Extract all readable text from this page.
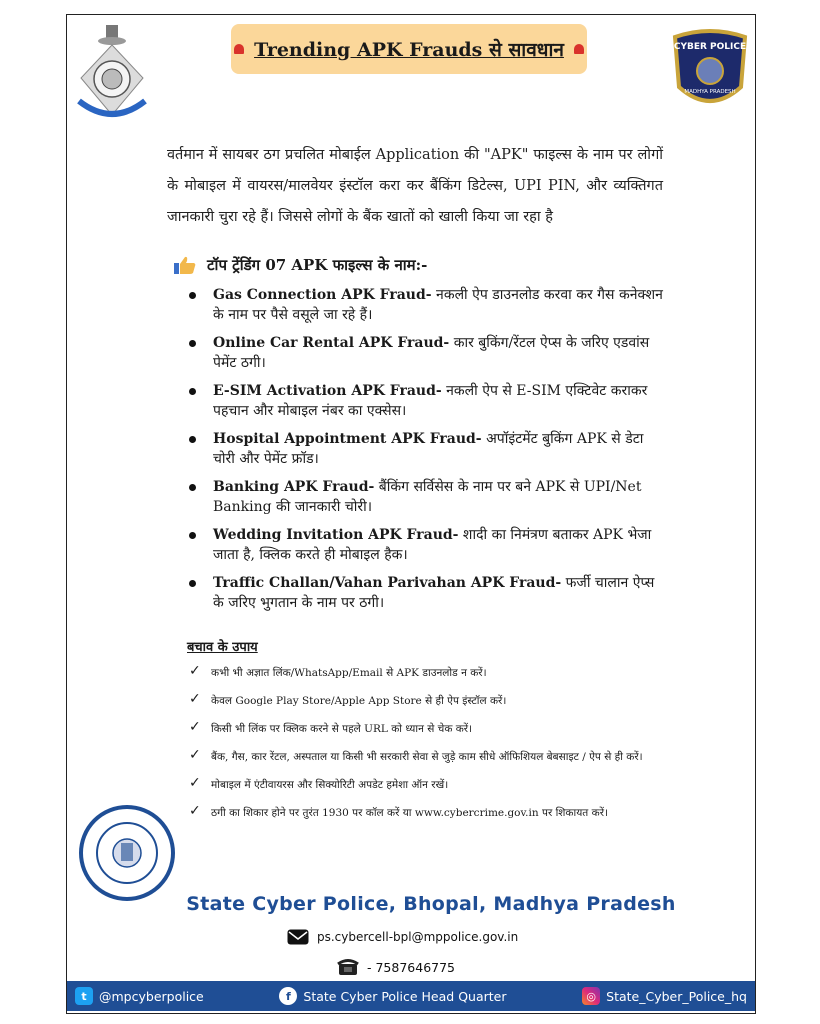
Trending APK Frauds से सावधान	CYBER POLICE
MADHYA PRADESH

वर्तमान में सायबर ठग प्रचलित मोबाईल Application की "APK" फाइल्स के नाम पर लोगों के मोबाइल में वायरस/मालवेयर इंस्टॉल करा कर बैंकिंग डिटेल्स, UPI PIN, और व्यक्तिगत जानकारी चुरा रहे हैं। जिससे लोगों के बैंक खातों को खाली किया जा रहा है

टॉप ट्रेंडिंग 07 APK फाइल्स के नाम:-
Gas Connection APK Fraud- नकली ऐप डाउनलोड करवा कर गैस कनेक्शन के नाम पर पैसे वसूले जा रहे हैं।
Online Car Rental APK Fraud- कार बुकिंग/रेंटल ऐप्स के जरिए एडवांस पेमेंट ठगी।
E-SIM Activation APK Fraud- नकली ऐप से E-SIM एक्टिवेट कराकर पहचान और मोबाइल नंबर का एक्सेस।
Hospital Appointment APK Fraud- अपॉइंटमेंट बुकिंग APK से डेटा चोरी और पेमेंट फ्रॉड।
Banking APK Fraud- बैंकिंग सर्विसेस के नाम पर बने APK से UPI/Net Banking की जानकारी चोरी।
Wedding Invitation APK Fraud- शादी का निमंत्रण बताकर APK भेजा जाता है, क्लिक करते ही मोबाइल हैक।
Traffic Challan/Vahan Parivahan APK Fraud- फर्जी चालान ऐप्स के जरिए भुगतान के नाम पर ठगी।
बचाव के उपाय
✓ कभी भी अज्ञात लिंक/WhatsApp/Email से APK डाउनलोड न करें।
✓ केवल Google Play Store/Apple App Store से ही ऐप इंस्टॉल करें।
✓ किसी भी लिंक पर क्लिक करने से पहले URL को ध्यान से चेक करें।
✓ बैंक, गैस, कार रेंटल, अस्पताल या किसी भी सरकारी सेवा से जुड़े काम सीधे ऑफिशियल बेबसाइट / ऐप से ही करें।
✓ मोबाइल में एंटीवायरस और सिक्योरिटी अपडेट हमेशा ऑन रखें।
✓ ठगी का शिकार होने पर तुरंत 1930 पर कॉल करें या www.cybercrime.gov.in पर शिकायत करें।
State Cyber Police, Bhopal, Madhya Pradesh
ps.cybercell-bpl@mppolice.gov.in
- 7587646775
t @mpcyberpolice	f	State Cyber Police Head Quarter	◎ State_Cyber_Police_hq
